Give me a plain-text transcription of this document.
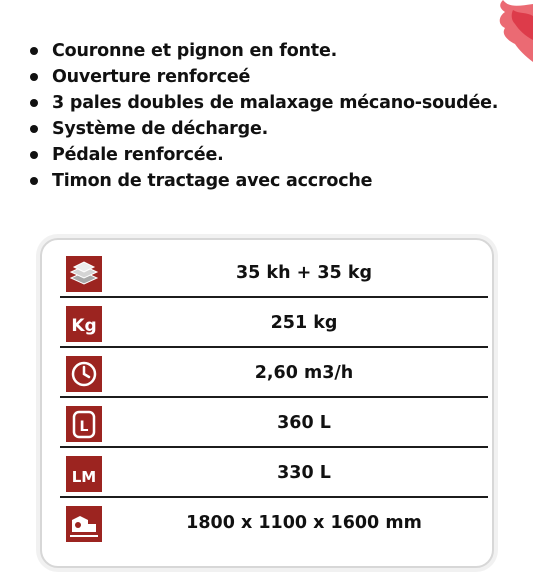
Couronne et pignon en fonte.
Ouverture renforceé
3 pales doubles de malaxage mécano-soudée.
Système de décharge.
Pédale renforcée.
Timon de tractage avec accroche
35 kh + 35 kg
Kg	251 kg
2,60 m3/h
L	360 L
LM	330 L
1800 x 1100 x 1600 mm
